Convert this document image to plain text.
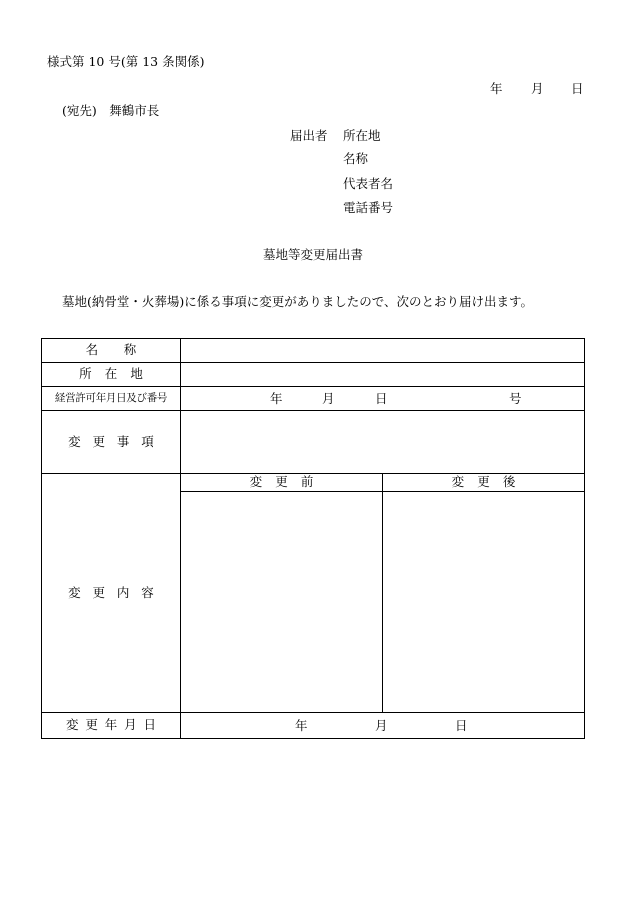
様式第 10 号(第 13 条関係)
年 月 日
(宛先)　舞鶴市長
届出者 所在地
名称
代表者名
電話番号
墓地等変更届出書
墓地(納骨堂・火葬場)に係る事項に変更がありましたので、次のとおり届け出ます。
名称		
所在地		
経営許可年月日及び番号	年 月 日 号	

変更事項		
変更内容	変更前	変更後

変更年月日	年 月 日	
